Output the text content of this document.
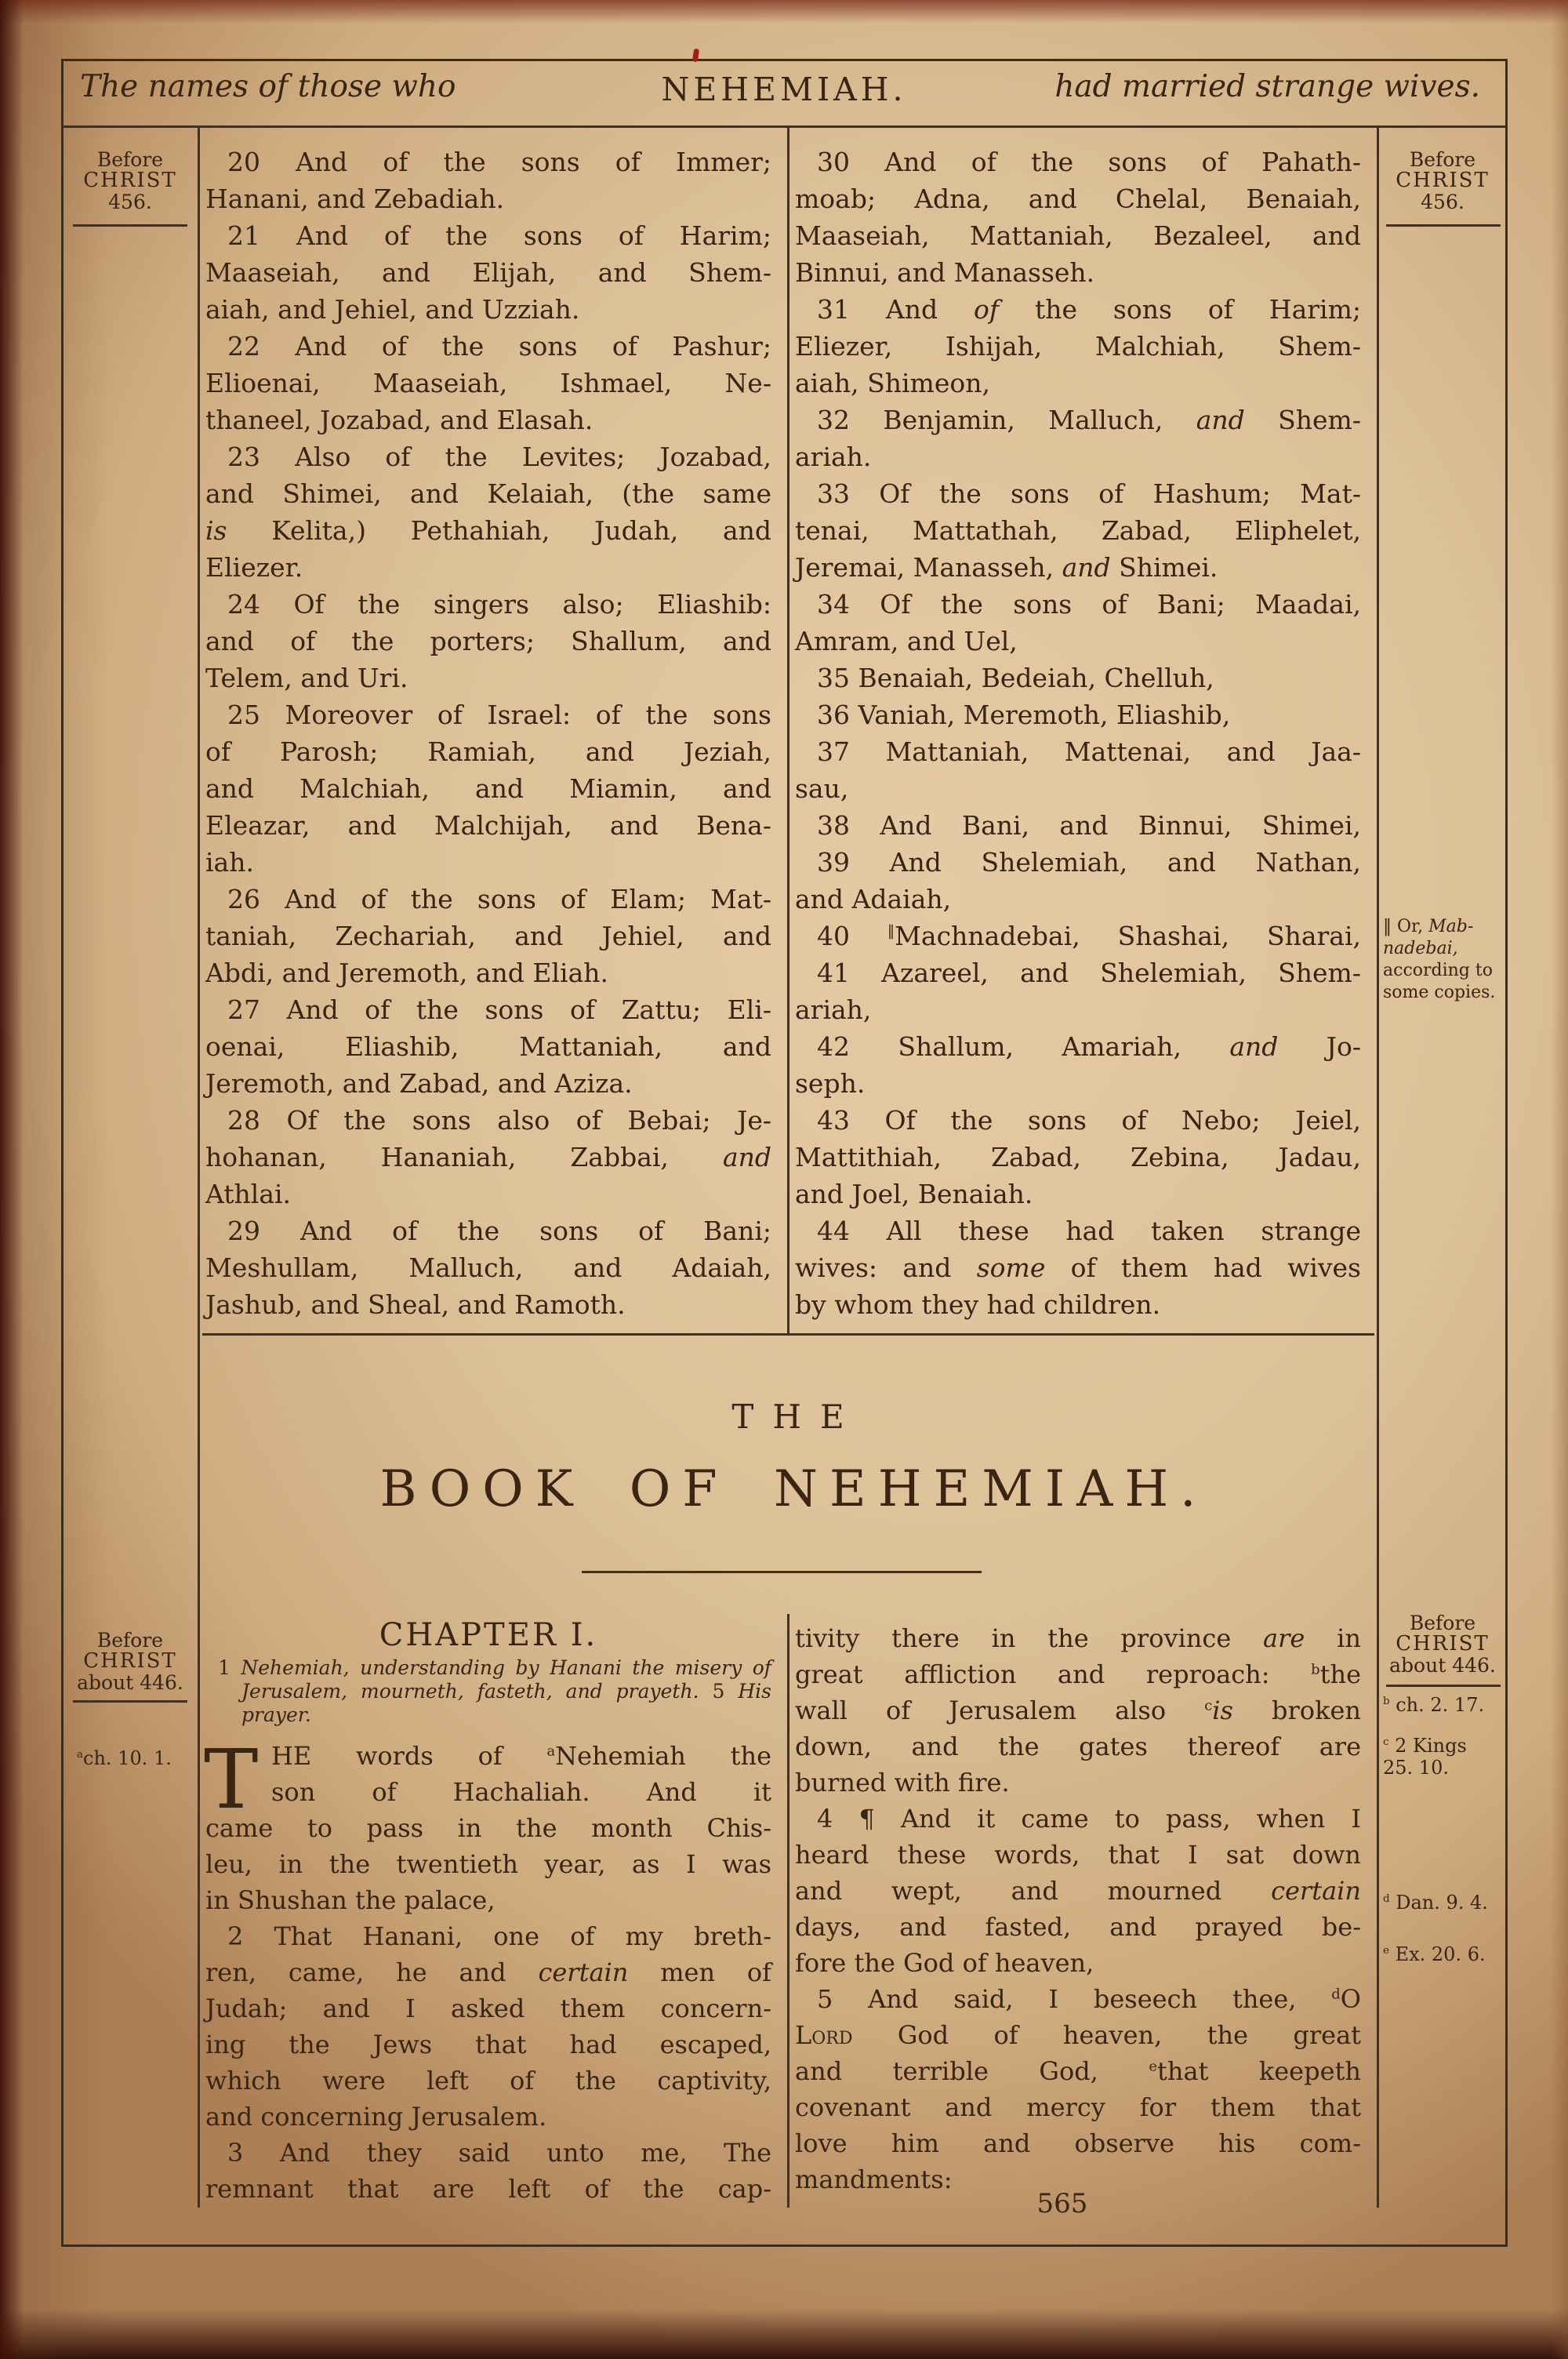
The names of those who	NEHEMIAH.	had married strange wives.
Before
CHRIST
456.
Before
CHRIST
456.
‖ Or, Mab-nadebai, according to some copies.
20 And of the sons of Immer;
Hanani, and Zebadiah.
21 And of the sons of Harim;
Maaseiah, and Elijah, and Shem-
aiah, and Jehiel, and Uzziah.
22 And of the sons of Pashur;
Elioenai, Maaseiah, Ishmael, Ne-
thaneel, Jozabad, and Elasah.
23 Also of the Levites; Jozabad,
and Shimei, and Kelaiah, (the same
is Kelita,) Pethahiah, Judah, and
Eliezer.
24 Of the singers also; Eliashib:
and of the porters; Shallum, and
Telem, and Uri.
25 Moreover of Israel: of the sons
of Parosh; Ramiah, and Jeziah,
and Malchiah, and Miamin, and
Eleazar, and Malchijah, and Bena-
iah.
26 And of the sons of Elam; Mat-
taniah, Zechariah, and Jehiel, and
Abdi, and Jeremoth, and Eliah.
27 And of the sons of Zattu; Eli-
oenai, Eliashib, Mattaniah, and
Jeremoth, and Zabad, and Aziza.
28 Of the sons also of Bebai; Je-
hohanan, Hananiah, Zabbai, and
Athlai.
29 And of the sons of Bani;
Meshullam, Malluch, and Adaiah,
Jashub, and Sheal, and Ramoth.
30 And of the sons of Pahath-
moab; Adna, and Chelal, Benaiah,
Maaseiah, Mattaniah, Bezaleel, and
Binnui, and Manasseh.
31 And of the sons of Harim;
Eliezer, Ishijah, Malchiah, Shem-
aiah, Shimeon,
32 Benjamin, Malluch, and Shem-
ariah.
33 Of the sons of Hashum; Mat-
tenai, Mattathah, Zabad, Eliphelet,
Jeremai, Manasseh, and Shimei.
34 Of the sons of Bani; Maadai,
Amram, and Uel,
35 Benaiah, Bedeiah, Chelluh,
36 Vaniah, Meremoth, Eliashib,
37 Mattaniah, Mattenai, and Jaa-
sau,
38 And Bani, and Binnui, Shimei,
39 And Shelemiah, and Nathan,
and Adaiah,
40 ‖Machnadebai, Shashai, Sharai,
41 Azareel, and Shelemiah, Shem-
ariah,
42 Shallum, Amariah, and Jo-
seph.
43 Of the sons of Nebo; Jeiel,
Mattithiah, Zabad, Zebina, Jadau,
and Joel, Benaiah.
44 All these had taken strange
wives: and some of them had wives
by whom they had children.
THE
BOOK OF NEHEMIAH.
Before
CHRIST
about 446.
$^a$ch. 10. 1.
Before
CHRIST
about 446.
$^b$ ch. 2. 17.
$^c$ 2 Kings 25. 10.
$^d$ Dan. 9. 4.
$^e$ Ex. 20. 6.
CHAPTER I.
1 Nehemiah, understanding by Hanani the misery of
Jerusalem, mourneth, fasteth, and prayeth. 5 His
prayer.
T HE words of $^a$Nehemiah the
son of Hachaliah. And it
came to pass in the month Chis-
leu, in the twentieth year, as I was
in Shushan the palace,
2 That Hanani, one of my breth-
ren, came, he and certain men of
Judah; and I asked them concern-
ing the Jews that had escaped,
which were left of the captivity,
and concerning Jerusalem.
3 And they said unto me, The
remnant that are left of the cap-
tivity there in the province are in
great affliction and reproach: $^b$the
wall of Jerusalem also $^c$is broken
down, and the gates thereof are
burned with fire.
4 ¶ And it came to pass, when I
heard these words, that I sat down
and wept, and mourned certain
days, and fasted, and prayed be-
fore the God of heaven,
5 And said, I beseech thee, $^d$O
Lord God of heaven, the great
and terrible God, $^e$that keepeth
covenant and mercy for them that
love him and observe his com-
mandments:
565
